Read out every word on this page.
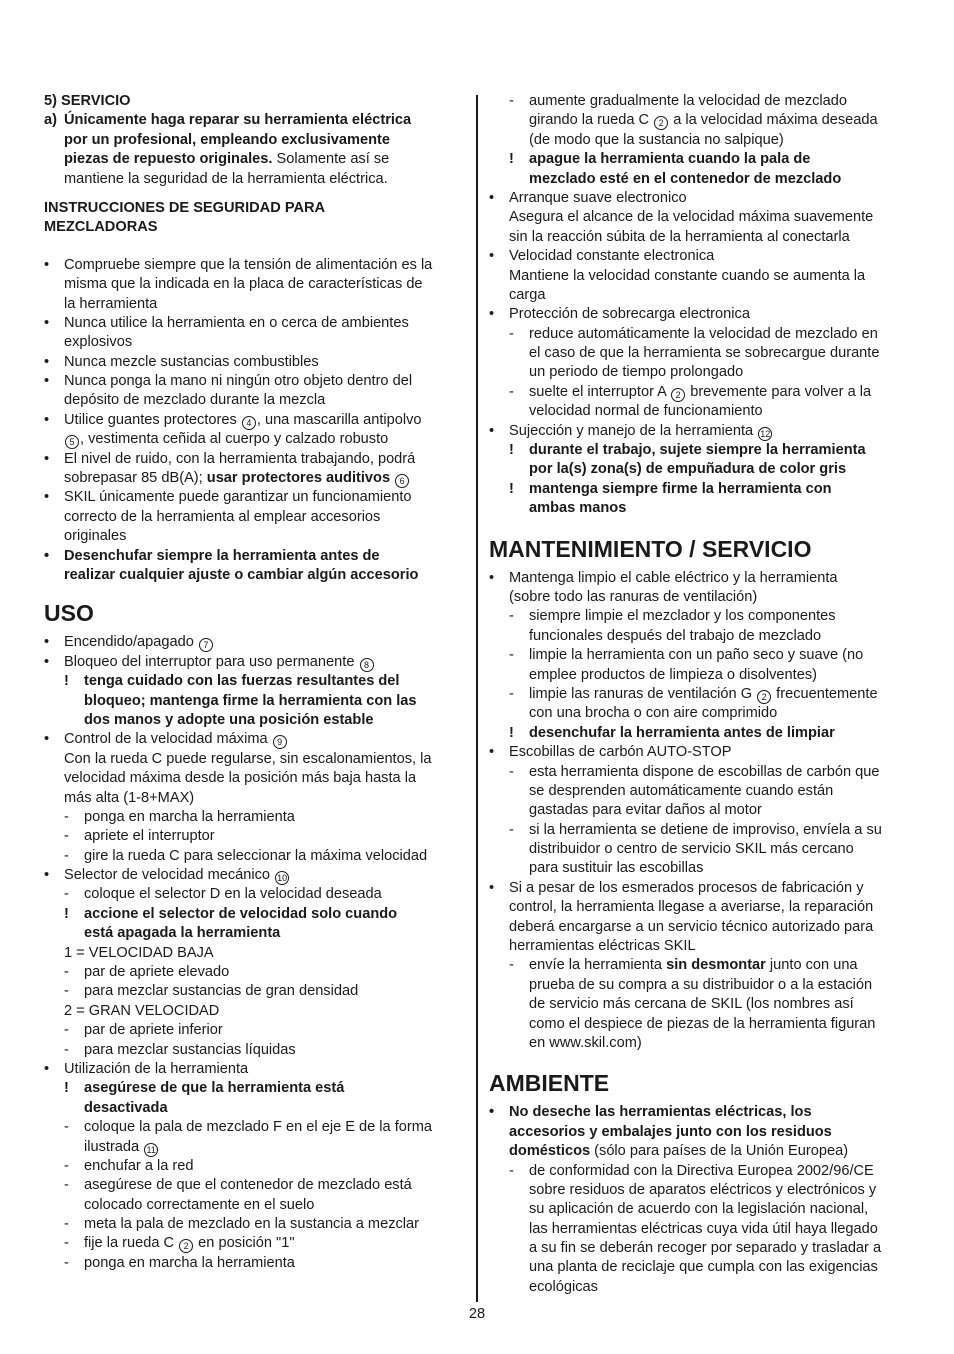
5) SERVICIO
a) Únicamente haga reparar su herramienta eléctrica
por un profesional, empleando exclusivamente
piezas de repuesto originales. Solamente así se
mantiene la seguridad de la herramienta eléctrica.
INSTRUCCIONES DE SEGURIDAD PARA
MEZCLADORAS
• Compruebe siempre que la tensión de alimentación es la
misma que la indicada en la placa de características de
la herramienta
• Nunca utilice la herramienta en o cerca de ambientes
explosivos
• Nunca mezcle sustancias combustibles
• Nunca ponga la mano ni ningún otro objeto dentro del
depósito de mezclado durante la mezcla
• Utilice guantes protectores 4 , una mascarilla antipolvo
5 , vestimenta ceñida al cuerpo y calzado robusto
• El nivel de ruido, con la herramienta trabajando, podrá
sobrepasar 85 dB(A); usar protectores auditivos 6
• SKIL únicamente puede garantizar un funcionamiento
correcto de la herramienta al emplear accesorios
originales
• Desenchufar siempre la herramienta antes de
realizar cualquier ajuste o cambiar algún accesorio
USO
• Encendido/apagado 7
• Bloqueo del interruptor para uso permanente 8
! tenga cuidado con las fuerzas resultantes del
bloqueo; mantenga firme la herramienta con las
dos manos y adopte una posición estable
• Control de la velocidad máxima 9
Con la rueda C puede regularse, sin escalonamientos, la
velocidad máxima desde la posición más baja hasta la
más alta (1-8+MAX)
- ponga en marcha la herramienta
- apriete el interruptor
- gire la rueda C para seleccionar la máxima velocidad
• Selector de velocidad mecánico 10
- coloque el selector D en la velocidad deseada
! accione el selector de velocidad solo cuando
está apagada la herramienta
1 = VELOCIDAD BAJA
- par de apriete elevado
- para mezclar sustancias de gran densidad
2 = GRAN VELOCIDAD
- par de apriete inferior
- para mezclar sustancias líquidas
• Utilización de la herramienta
! asegúrese de que la herramienta está
desactivada
- coloque la pala de mezclado F en el eje E de la forma
ilustrada 11
- enchufar a la red
- asegúrese de que el contenedor de mezclado está
colocado correctamente en el suelo
- meta la pala de mezclado en la sustancia a mezclar
- fije la rueda C 2 en posición "1"
- ponga en marcha la herramienta
- aumente gradualmente la velocidad de mezclado
girando la rueda C 2 a la velocidad máxima deseada
(de modo que la sustancia no salpique)
! apague la herramienta cuando la pala de
mezclado esté en el contenedor de mezclado
• Arranque suave electronico
Asegura el alcance de la velocidad máxima suavemente
sin la reacción súbita de la herramienta al conectarla
• Velocidad constante electronica
Mantiene la velocidad constante cuando se aumenta la
carga
• Protección de sobrecarga electronica
- reduce automáticamente la velocidad de mezclado en
el caso de que la herramienta se sobrecargue durante
un periodo de tiempo prolongado
- suelte el interruptor A 2 brevemente para volver a la
velocidad normal de funcionamiento
• Sujección y manejo de la herramienta 12
! durante el trabajo, sujete siempre la herramienta
por la(s) zona(s) de empuñadura de color gris
! mantenga siempre firme la herramienta con
ambas manos
MANTENIMIENTO / SERVICIO
• Mantenga limpio el cable eléctrico y la herramienta
(sobre todo las ranuras de ventilación)
- siempre limpie el mezclador y los componentes
funcionales después del trabajo de mezclado
- limpie la herramienta con un paño seco y suave (no
emplee productos de limpieza o disolventes)
- limpie las ranuras de ventilación G 2 frecuentemente
con una brocha o con aire comprimido
! desenchufar la herramienta antes de limpiar
• Escobillas de carbón AUTO-STOP
- esta herramienta dispone de escobillas de carbón que
se desprenden automáticamente cuando están
gastadas para evitar daños al motor
- si la herramienta se detiene de improviso, envíela a su
distribuidor o centro de servicio SKIL más cercano
para sustituir las escobillas
• Si a pesar de los esmerados procesos de fabricación y
control, la herramienta llegase a averiarse, la reparación
deberá encargarse a un servicio técnico autorizado para
herramientas eléctricas SKIL
- envíe la herramienta sin desmontar junto con una
prueba de su compra a su distribuidor o a la estación
de servicio más cercana de SKIL (los nombres así
como el despiece de piezas de la herramienta figuran
en www.skil.com)
AMBIENTE
• No deseche las herramientas eléctricas, los
accesorios y embalajes junto con los residuos
domésticos (sólo para países de la Unión Europea)
- de conformidad con la Directiva Europea 2002/96/CE
sobre residuos de aparatos eléctricos y electrónicos y
su aplicación de acuerdo con la legislación nacional,
las herramientas eléctricas cuya vida útil haya llegado
a su fin se deberán recoger por separado y trasladar a
una planta de reciclaje que cumpla con las exigencias
ecológicas
28
